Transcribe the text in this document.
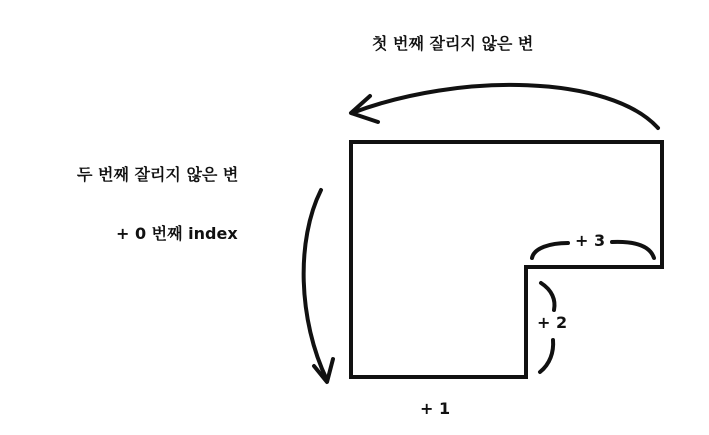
첫 번째 잘리지 않은 변
두 번째 잘리지 않은 변
+ 0 번째 index	+ 3
+ 2
+ 1
